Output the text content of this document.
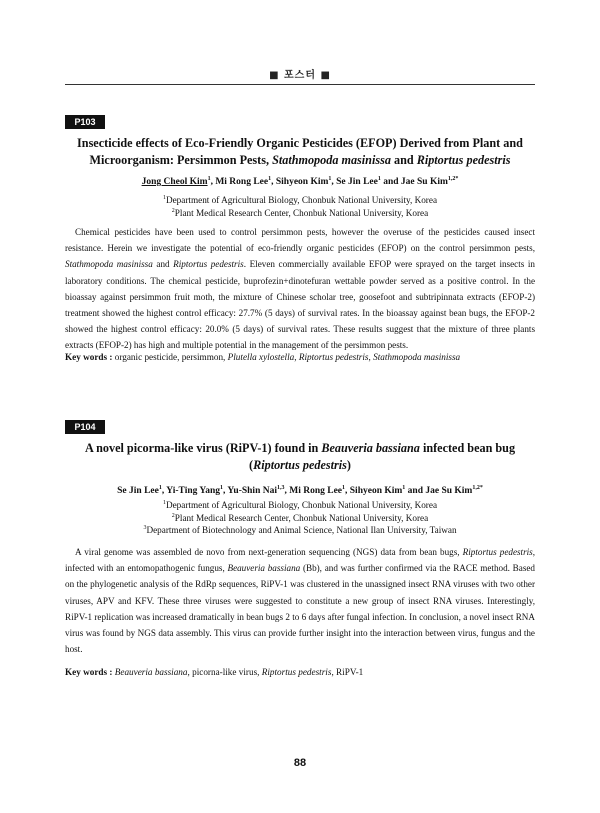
■ 포스터 ■
P103
Insecticide effects of Eco-Friendly Organic Pesticides (EFOP) Derived from Plant and
Microorganism: Persimmon Pests, Stathmopoda masinissa and Riptortus pedestris
Jong Cheol Kim$^1$, Mi Rong Lee$^1$, Sihyeon Kim$^1$, Se Jin Lee$^1$ and Jae Su Kim$^{1,2*}$
$^1$Department of Agricultural Biology, Chonbuk National University, Korea
$^2$Plant Medical Research Center, Chonbuk National University, Korea
Chemical pesticides have been used to control persimmon pests, however the overuse of the pesticides caused insect resistance. Herein we investigate the potential of eco-friendly organic pesticides (EFOP) on the control persimmon pests, Stathmopoda masinissa and Riptortus pedestris. Eleven commercially available EFOP were sprayed on the target insects in laboratory conditions. The chemical pesticide, buprofezin+dinotefuran wettable powder served as a positive control. In the bioassay against persimmon fruit moth, the mixture of Chinese scholar tree, goosefoot and subtripinnata extracts (EFOP-2) treatment showed the highest control efficacy: 27.7% (5 days) of survival rates. In the bioassay against bean bugs, the EFOP-2 showed the highest control efficacy: 20.0% (5 days) of survival rates. These results suggest that the mixture of three plants extracts (EFOP-2) has high and multiple potential in the management of the persimmon pests.
Key words : organic pesticide, persimmon, Plutella xylostella, Riptortus pedestris, Stathmopoda masinissa
P104
A novel picorma-like virus (RiPV-1) found in Beauveria bassiana infected bean bug
(Riptortus pedestris)
Se Jin Lee$^1$, Yi-Ting Yang$^1$, Yu-Shin Nai$^{1,3}$, Mi Rong Lee$^1$, Sihyeon Kim$^1$ and Jae Su Kim$^{1,2*}$
$^1$Department of Agricultural Biology, Chonbuk National University, Korea
$^2$Plant Medical Research Center, Chonbuk National University, Korea
$^3$Department of Biotechnology and Animal Science, National Ilan University, Taiwan
A viral genome was assembled de novo from next-generation sequencing (NGS) data from bean bugs, Riptortus pedestris, infected with an entomopathogenic fungus, Beauveria bassiana (Bb), and was further confirmed via the RACE method. Based on the phylogenetic analysis of the RdRp sequences, RiPV-1 was clustered in the unassigned insect RNA viruses with two other viruses, APV and KFV. These three viruses were suggested to constitute a new group of insect RNA viruses. Interestingly, RiPV-1 replication was increased dramatically in bean bugs 2 to 6 days after fungal infection. In conclusion, a novel insect RNA virus was found by NGS data assembly. This virus can provide further insight into the interaction between virus, fungus and the host.
Key words : Beauveria bassiana, picorna-like virus, Riptortus pedestris, RiPV-1
88
